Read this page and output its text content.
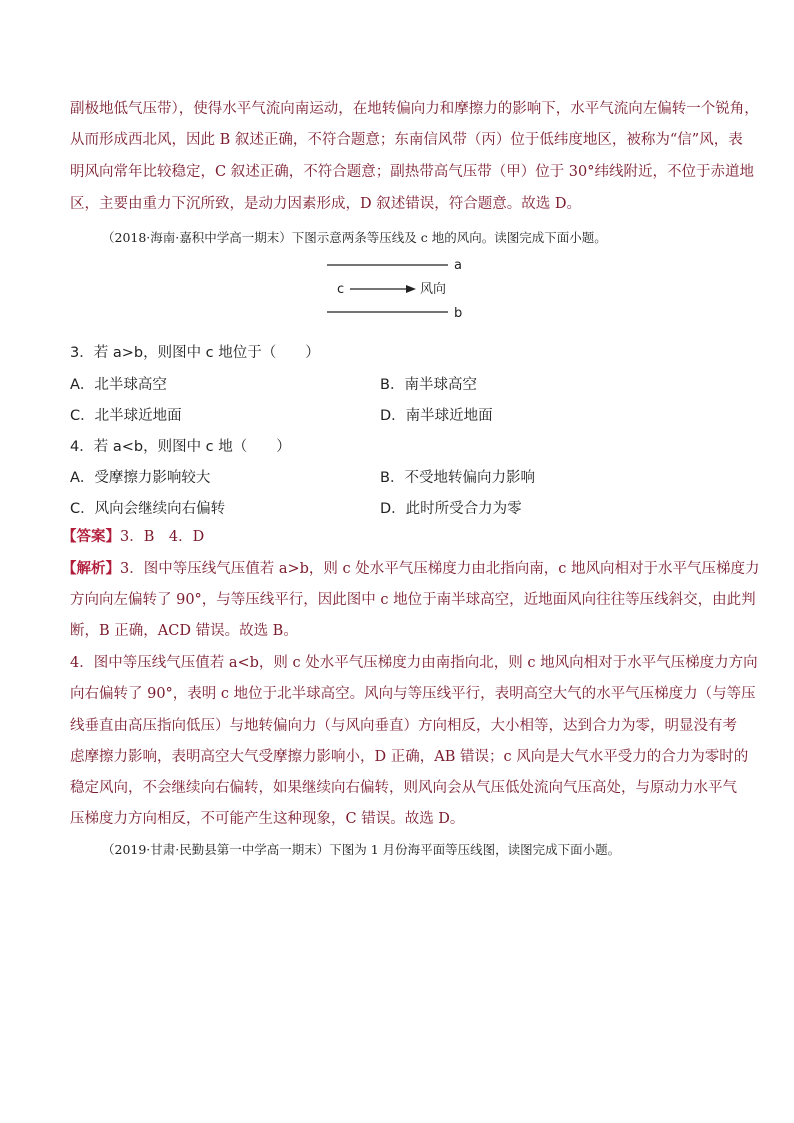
副极地低气压带），使得水平气流向南运动，在地转偏向力和摩擦力的影响下，水平气流向左偏转一个锐角，
从而形成西北风，因此 B 叙述正确，不符合题意；东南信风带（丙）位于低纬度地区，被称为“信”风，表
明风向常年比较稳定，C 叙述正确，不符合题意；副热带高气压带（甲）位于 30°纬线附近，不位于赤道地
区，主要由重力下沉所致，是动力因素形成，D 叙述错误，符合题意。故选 D。
（2018·海南·嘉积中学高一期末）下图示意两条等压线及 c 地的风向。读图完成下面小题。
a
c	风向
b
3．若 a>b，则图中 c 地位于（　　）
A．北半球高空	B．南半球高空
C．北半球近地面	D．南半球近地面
4．若 a<b，则图中 c 地（　　）
A．受摩擦力影响较大	B．不受地转偏向力影响
C．风向会继续向右偏转	D．此时所受合力为零
【答案】3．B　4．D
【解析】3．图中等压线气压值若 a>b，则 c 处水平气压梯度力由北指向南，c 地风向相对于水平气压梯度力
方向向左偏转了 90°，与等压线平行，因此图中 c 地位于南半球高空，近地面风向往往等压线斜交，由此判
断，B 正确，ACD 错误。故选 B。
4．图中等压线气压值若 a<b，则 c 处水平气压梯度力由南指向北，则 c 地风向相对于水平气压梯度力方向
向右偏转了 90°，表明 c 地位于北半球高空。风向与等压线平行，表明高空大气的水平气压梯度力（与等压
线垂直由高压指向低压）与地转偏向力（与风向垂直）方向相反，大小相等，达到合力为零，明显没有考
虑摩擦力影响，表明高空大气受摩擦力影响小，D 正确，AB 错误；c 风向是大气水平受力的合力为零时的
稳定风向，不会继续向右偏转，如果继续向右偏转，则风向会从气压低处流向气压高处，与原动力水平气
压梯度力方向相反，不可能产生这种现象，C 错误。故选 D。
（2019·甘肃·民勤县第一中学高一期末）下图为 1 月份海平面等压线图，读图完成下面小题。
